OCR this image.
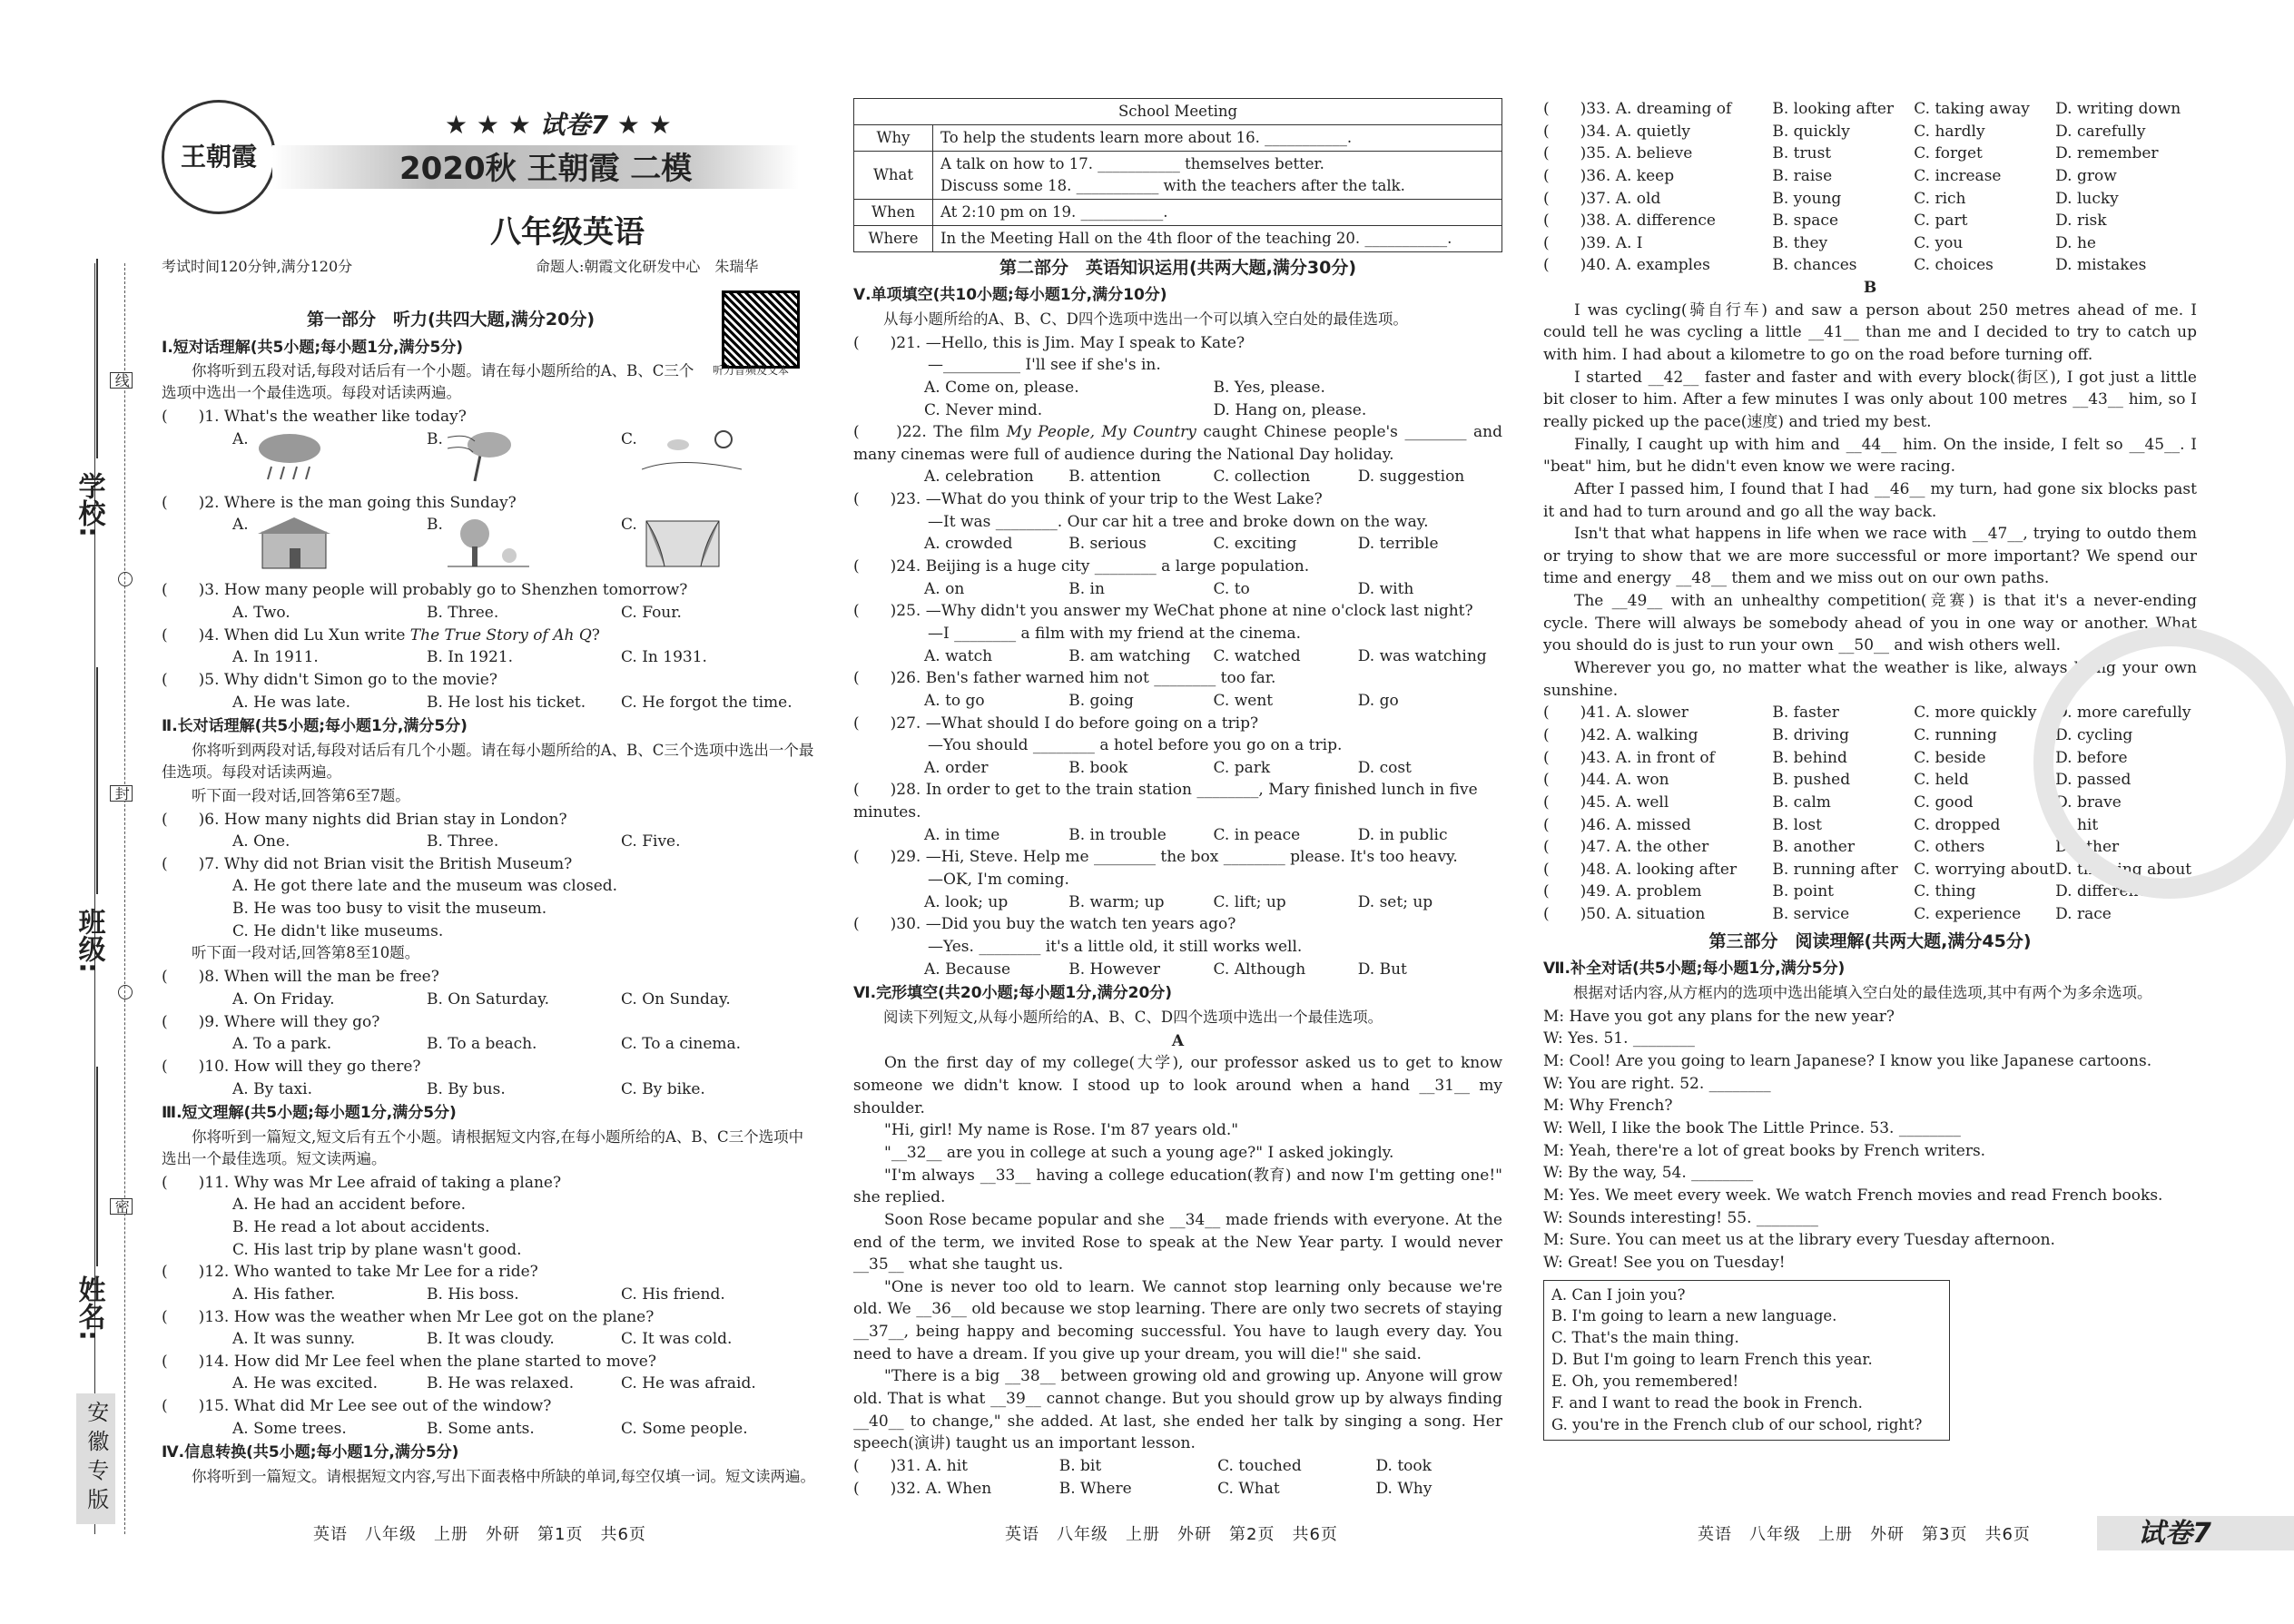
学校:
班级:
姓名:
线
封
密
安徽专版
王朝霞
★ ★ ★ 试卷7 ★ ★
2020秋 王朝霞 二模
八年级英语
考试时间120分钟,满分120分	命题人:朝霞文化研发中心　朱瑞华
听力音频及文本
第一部分　听力(共四大题,满分20分)
Ⅰ.短对话理解(共5小题;每小题1分,满分5分)

你将听到五段对话,每段对话后有一个小题。请在每小题所给的A、B、C三个选项中选出一个最佳选项。每段对话读两遍。

(　　)1. What's the weather like today?
A.	B.	C.
(　　)2. Where is the man going this Sunday?
A.	B.	C.
(　　)3. How many people will probably go to Shenzhen tomorrow?
A. Two.	B. Three.	C. Four.
(　　)4. When did Lu Xun write The True Story of Ah Q?
A. In 1911.	B. In 1921.	C. In 1931.
(　　)5. Why didn't Simon go to the movie?
A. He was late.	B. He lost his ticket.	C. He forgot the time.
Ⅱ.长对话理解(共5小题;每小题1分,满分5分)

你将听到两段对话,每段对话后有几个小题。请在每小题所给的A、B、C三个选项中选出一个最佳选项。每段对话读两遍。

听下面一段对话,回答第6至7题。

(　　)6. How many nights did Brian stay in London?
A. One.	B. Three.	C. Five.
(　　)7. Why did not Brian visit the British Museum?
A. He got there late and the museum was closed.
B. He was too busy to visit the museum.
C. He didn't like museums.

听下面一段对话,回答第8至10题。

(　　)8. When will the man be free?
A. On Friday.	B. On Saturday.	C. On Sunday.
(　　)9. Where will they go?
A. To a park.	B. To a beach.	C. To a cinema.
(　　)10. How will they go there?
A. By taxi.	B. By bus.	C. By bike.
Ⅲ.短文理解(共5小题;每小题1分,满分5分)

你将听到一篇短文,短文后有五个小题。请根据短文内容,在每小题所给的A、B、C三个选项中选出一个最佳选项。短文读两遍。

(　　)11. Why was Mr Lee afraid of taking a plane?
A. He had an accident before.
B. He read a lot about accidents.
C. His last trip by plane wasn't good.
(　　)12. Who wanted to take Mr Lee for a ride?
A. His father.	B. His boss.	C. His friend.
(　　)13. How was the weather when Mr Lee got on the plane?
A. It was sunny.	B. It was cloudy.	C. It was cold.
(　　)14. How did Mr Lee feel when the plane started to move?
A. He was excited.	B. He was relaxed.	C. He was afraid.
(　　)15. What did Mr Lee see out of the window?
A. Some trees.	B. Some ants.	C. Some people.
Ⅳ.信息转换(共5小题;每小题1分,满分5分)

你将听到一篇短文。请根据短文内容,写出下面表格中所缺的单词,每空仅填一词。短文读两遍。

School Meeting	
Why	To help the students learn more about 16. ___________.
What	A talk on how to 17. ___________ themselves better.
Discuss some 18. ___________ with the teachers after the talk.
When	At 2:10 pm on 19. ___________.
Where	In the Meeting Hall on the 4th floor of the teaching 20. ___________.
第二部分　英语知识运用(共两大题,满分30分)
Ⅴ.单项填空(共10小题;每小题1分,满分10分)

从每小题所给的A、B、C、D四个选项中选出一个可以填入空白处的最佳选项。

(　　)21. —Hello, this is Jim. May I speak to Kate?
—__________ I'll see if she's in.
A. Come on, please.	B. Yes, please.
C. Never mind.	D. Hang on, please.
(　　)22. The film My People, My Country caught Chinese people's ________ and many cinemas were full of audience during the National Day holiday.
A. celebration	B. attention	C. collection	D. suggestion
(　　)23. —What do you think of your trip to the West Lake?
—It was ________. Our car hit a tree and broke down on the way.
A. crowded	B. serious	C. exciting	D. terrible
(　　)24. Beijing is a huge city ________ a large population.
A. on	B. in	C. to	D. with
(　　)25. —Why didn't you answer my WeChat phone at nine o'clock last night?
—I ________ a film with my friend at the cinema.
A. watch	B. am watching	C. watched	D. was watching
(　　)26. Ben's father warned him not ________ too far.
A. to go	B. going	C. went	D. go
(　　)27. —What should I do before going on a trip?
—You should ________ a hotel before you go on a trip.
A. order	B. book	C. park	D. cost
(　　)28. In order to get to the train station ________, Mary finished lunch in five minutes.
A. in time	B. in trouble	C. in peace	D. in public
(　　)29. —Hi, Steve. Help me ________ the box ________ please. It's too heavy.
—OK, I'm coming.
A. look; up	B. warm; up	C. lift; up	D. set; up
(　　)30. —Did you buy the watch ten years ago?
—Yes. ________ it's a little old, it still works well.
A. Because	B. However	C. Although	D. But
Ⅵ.完形填空(共20小题;每小题1分,满分20分)

阅读下列短文,从每小题所给的A、B、C、D四个选项中选出一个最佳选项。

A

On the first day of my college(大学), our professor asked us to get to know someone we didn't know. I stood up to look around when a hand __31__ my shoulder.

"Hi, girl! My name is Rose. I'm 87 years old."

"__32__ are you in college at such a young age?" I asked jokingly.

"I'm always __33__ having a college education(教育) and now I'm getting one!" she replied.

Soon Rose became popular and she __34__ made friends with everyone. At the end of the term, we invited Rose to speak at the New Year party. I would never __35__ what she taught us.

"One is never too old to learn. We cannot stop learning only because we're old. We __36__ old because we stop learning. There are only two secrets of staying __37__, being happy and becoming successful. You have to laugh every day. You need to have a dream. If you give up your dream, you will die!" she said.

"There is a big __38__ between growing old and growing up. Anyone will grow old. That is what __39__ cannot change. But you should grow up by always finding __40__ to change," she added. At last, she ended her talk by singing a song. Her speech(演讲) taught us an important lesson.

(　　)31. A. hit	B. bit	C. touched	D. took
(　　)32. A. When	B. Where	C. What	D. Why
(　　)33. A. dreaming of	B. looking after	C. taking away	D. writing down
(　　)34. A. quietly	B. quickly	C. hardly	D. carefully
(　　)35. A. believe	B. trust	C. forget	D. remember
(　　)36. A. keep	B. raise	C. increase	D. grow
(　　)37. A. old	B. young	C. rich	D. lucky
(　　)38. A. difference	B. space	C. part	D. risk
(　　)39. A. I	B. they	C. you	D. he
(　　)40. A. examples	B. chances	C. choices	D. mistakes
B

I was cycling(骑自行车) and saw a person about 250 metres ahead of me. I could tell he was cycling a little __41__ than me and I decided to try to catch up with him. I had about a kilometre to go on the road before turning off.

I started __42__ faster and faster and with every block(街区), I got just a little bit closer to him. After a few minutes I was only about 100 metres __43__ him, so I really picked up the pace(速度) and tried my best.

Finally, I caught up with him and __44__ him. On the inside, I felt so __45__. I "beat" him, but he didn't even know we were racing.

After I passed him, I found that I had __46__ my turn, had gone six blocks past it and had to turn around and go all the way back.

Isn't that what happens in life when we race with __47__, trying to outdo them or trying to show that we are more successful or more important? We spend our time and energy __48__ them and we miss out on our own paths.

The __49__ with an unhealthy competition(竞赛) is that it's a never-ending cycle. There will always be somebody ahead of you in one way or another. What you should do is just to run your own __50__ and wish others well.

Wherever you go, no matter what the weather is like, always bring your own sunshine.

(　　)41. A. slower	B. faster	C. more quickly	D. more carefully
(　　)42. A. walking	B. driving	C. running	D. cycling
(　　)43. A. in front of	B. behind	C. beside	D. before
(　　)44. A. won	B. pushed	C. held	D. passed
(　　)45. A. well	B. calm	C. good	D. brave
(　　)46. A. missed	B. lost	C. dropped	D. hit
(　　)47. A. the other	B. another	C. others	D. other
(　　)48. A. looking after	B. running after	C. worrying about D. thinking about
(　　)49. A. problem	B. point	C. thing	D. difference
(　　)50. A. situation	B. service	C. experience	D. race
第三部分　阅读理解(共两大题,满分45分)
Ⅶ.补全对话(共5小题;每小题1分,满分5分)

根据对话内容,从方框内的选项中选出能填入空白处的最佳选项,其中有两个为多余选项。

M: Have you got any plans for the new year?

W: Yes. 51. ________

M: Cool! Are you going to learn Japanese? I know you like Japanese cartoons.

W: You are right. 52. ________

M: Why French?

W: Well, I like the book The Little Prince. 53. ________

M: Yeah, there're a lot of great books by French writers.

W: By the way, 54. ________

M: Yes. We meet every week. We watch French movies and read French books.

W: Sounds interesting! 55. ________

M: Sure. You can meet us at the library every Tuesday afternoon.

W: Great! See you on Tuesday!

A. Can I join you?
B. I'm going to learn a new language.
C. That's the main thing.
D. But I'm going to learn French this year.
E. Oh, you remembered!
F. and I want to read the book in French.
G. you're in the French club of our school, right?
英语　八年级　上册　外研　第1页　共6页	英语　八年级　上册　外研　第2页　共6页	英语　八年级　上册　外研　第3页　共6页	试卷7
